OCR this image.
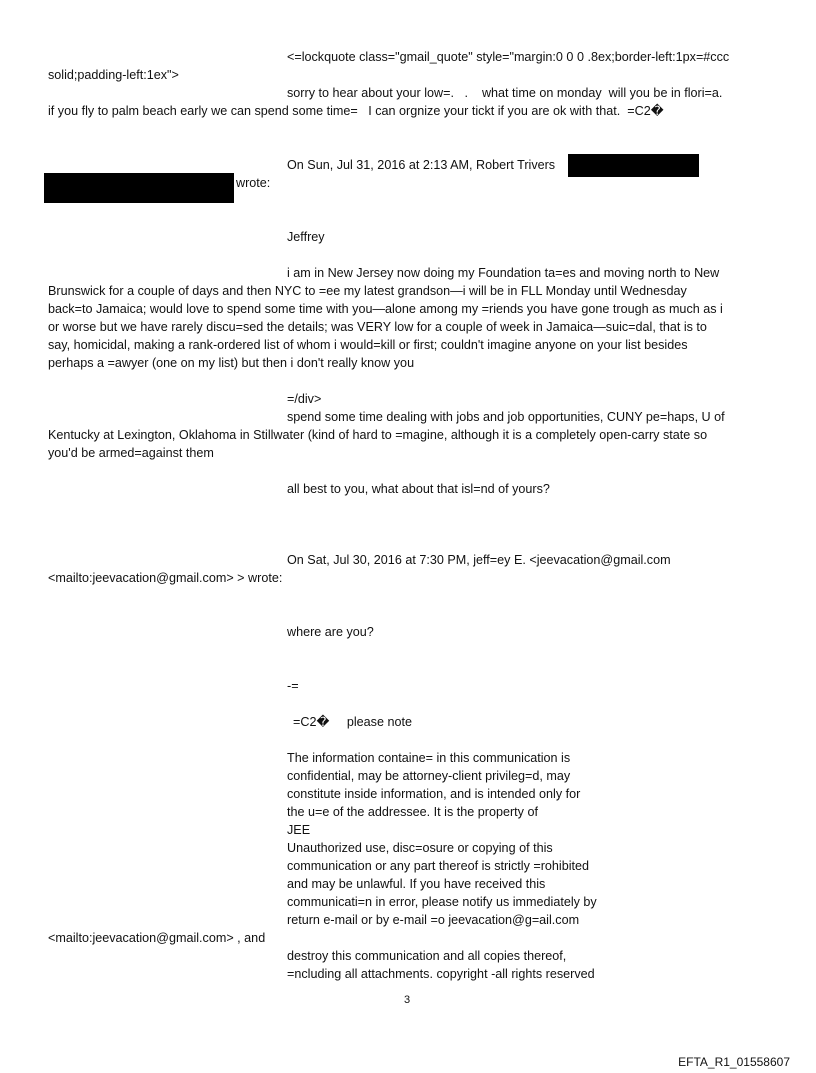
<=lockquote class="gmail_quote" style="margin:0 0 0 .8ex;border-left:1px=#ccc
solid;padding-left:1ex">
sorry to hear about your low=.   .    what time on monday  will you be in flori=a.
if you fly to palm beach early we can spend some time=   I can orgnize your tickt if you are ok with that.  =C2�
On Sun, Jul 31, 2016 at 2:13 AM, Robert Trivers
wrote:
Jeffrey
i am in New Jersey now doing my Foundation ta=es and moving north to New
Brunswick for a couple of days and then NYC to =ee my latest grandson—i will be in FLL Monday until Wednesday
back=to Jamaica; would love to spend some time with you—alone among my =riends you have gone trough as much as i
or worse but we have rarely discu=sed the details; was VERY low for a couple of week in Jamaica—suic=dal, that is to
say, homicidal, making a rank-ordered list of whom i would=kill or first; couldn't imagine anyone on your list besides
perhaps a =awyer (one on my list) but then i don't really know you
=/div>
spend some time dealing with jobs and job opportunities, CUNY pe=haps, U of
Kentucky at Lexington, Oklahoma in Stillwater (kind of hard to =magine, although it is a completely open-carry state so
you'd be armed=against them
all best to you, what about that isl=nd of yours?
On Sat, Jul 30, 2016 at 7:30 PM, jeff=ey E. <jeevacation@gmail.com
<mailto:jeevacation@gmail.com> > wrote:
where are you?
-=
=C2�     please note
The information containe= in this communication is
confidential, may be attorney-client privileg=d, may
constitute inside information, and is intended only for
the u=e of the addressee. It is the property of
JEE
Unauthorized use, disc=osure or copying of this
communication or any part thereof is strictly =rohibited
and may be unlawful. If you have received this
communicati=n in error, please notify us immediately by
return e-mail or by e-mail =o jeevacation@g=ail.com
<mailto:jeevacation@gmail.com> , and
destroy this communication and all copies thereof,
=ncluding all attachments. copyright -all rights reserved
3
EFTA_R1_01558607
